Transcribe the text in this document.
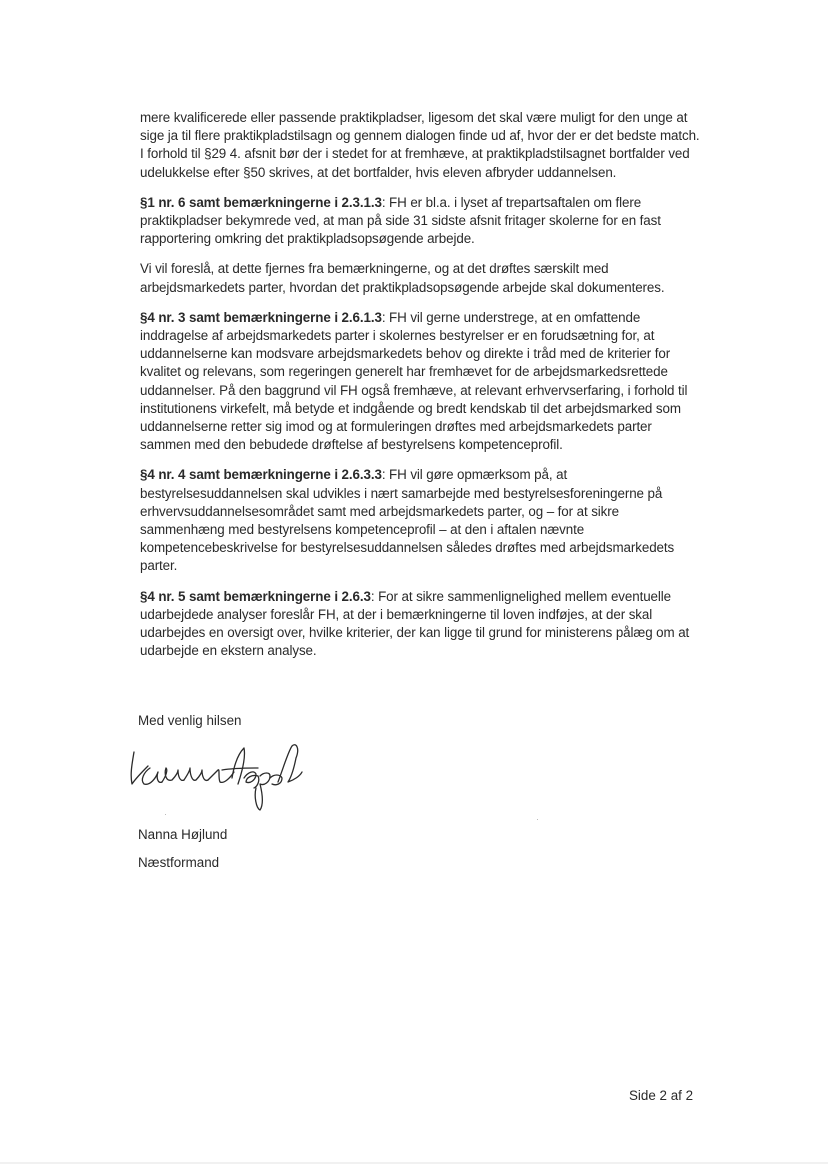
mere kvalificerede eller passende praktikpladser, ligesom det skal være muligt for den unge at sige ja til flere praktikpladstilsagn og gennem dialogen finde ud af, hvor der er det bedste match. I forhold til §29 4. afsnit bør der i stedet for at fremhæve, at praktikpladstilsagnet bortfalder ved udelukkelse efter §50 skrives, at det bortfalder, hvis eleven afbryder uddannelsen.

§1 nr. 6 samt bemærkningerne i 2.3.1.3: FH er bl.a. i lyset af trepartsaftalen om flere praktikpladser bekymrede ved, at man på side 31 sidste afsnit fritager skolerne for en fast rapportering omkring det praktikpladsopsøgende arbejde.

Vi vil foreslå, at dette fjernes fra bemærkningerne, og at det drøftes særskilt med arbejdsmarkedets parter, hvordan det praktikpladsopsøgende arbejde skal dokumenteres.

§4 nr. 3 samt bemærkningerne i 2.6.1.3: FH vil gerne understrege, at en omfattende inddragelse af arbejdsmarkedets parter i skolernes bestyrelser er en forudsætning for, at uddannelserne kan modsvare arbejdsmarkedets behov og direkte i tråd med de kriterier for kvalitet og relevans, som regeringen generelt har fremhævet for de arbejdsmarkedsrettede uddannelser. På den baggrund vil FH også fremhæve, at relevant erhvervserfaring, i forhold til institutionens virkefelt, må betyde et indgående og bredt kendskab til det arbejdsmarked som uddannelserne retter sig imod og at formuleringen drøftes med arbejdsmarkedets parter sammen med den bebudede drøftelse af bestyrelsens kompetenceprofil.

§4 nr. 4 samt bemærkningerne i 2.6.3.3: FH vil gøre opmærksom på, at bestyrelsesuddannelsen skal udvikles i nært samarbejde med bestyrelsesforeningerne på erhvervsuddannelsesområdet samt med arbejdsmarkedets parter, og – for at sikre sammenhæng med bestyrelsens kompetenceprofil – at den i aftalen nævnte kompetencebeskrivelse for bestyrelsesuddannelsen således drøftes med arbejdsmarkedets parter.

§4 nr. 5 samt bemærkningerne i 2.6.3: For at sikre sammenlignelighed mellem eventuelle udarbejdede analyser foreslår FH, at der i bemærkningerne til loven indføjes, at der skal udarbejdes en oversigt over, hvilke kriterier, der kan ligge til grund for ministerens pålæg om at udarbejde en ekstern analyse.

Med venlig hilsen
Nanna Højlund
Næstformand
Side 2 af 2
